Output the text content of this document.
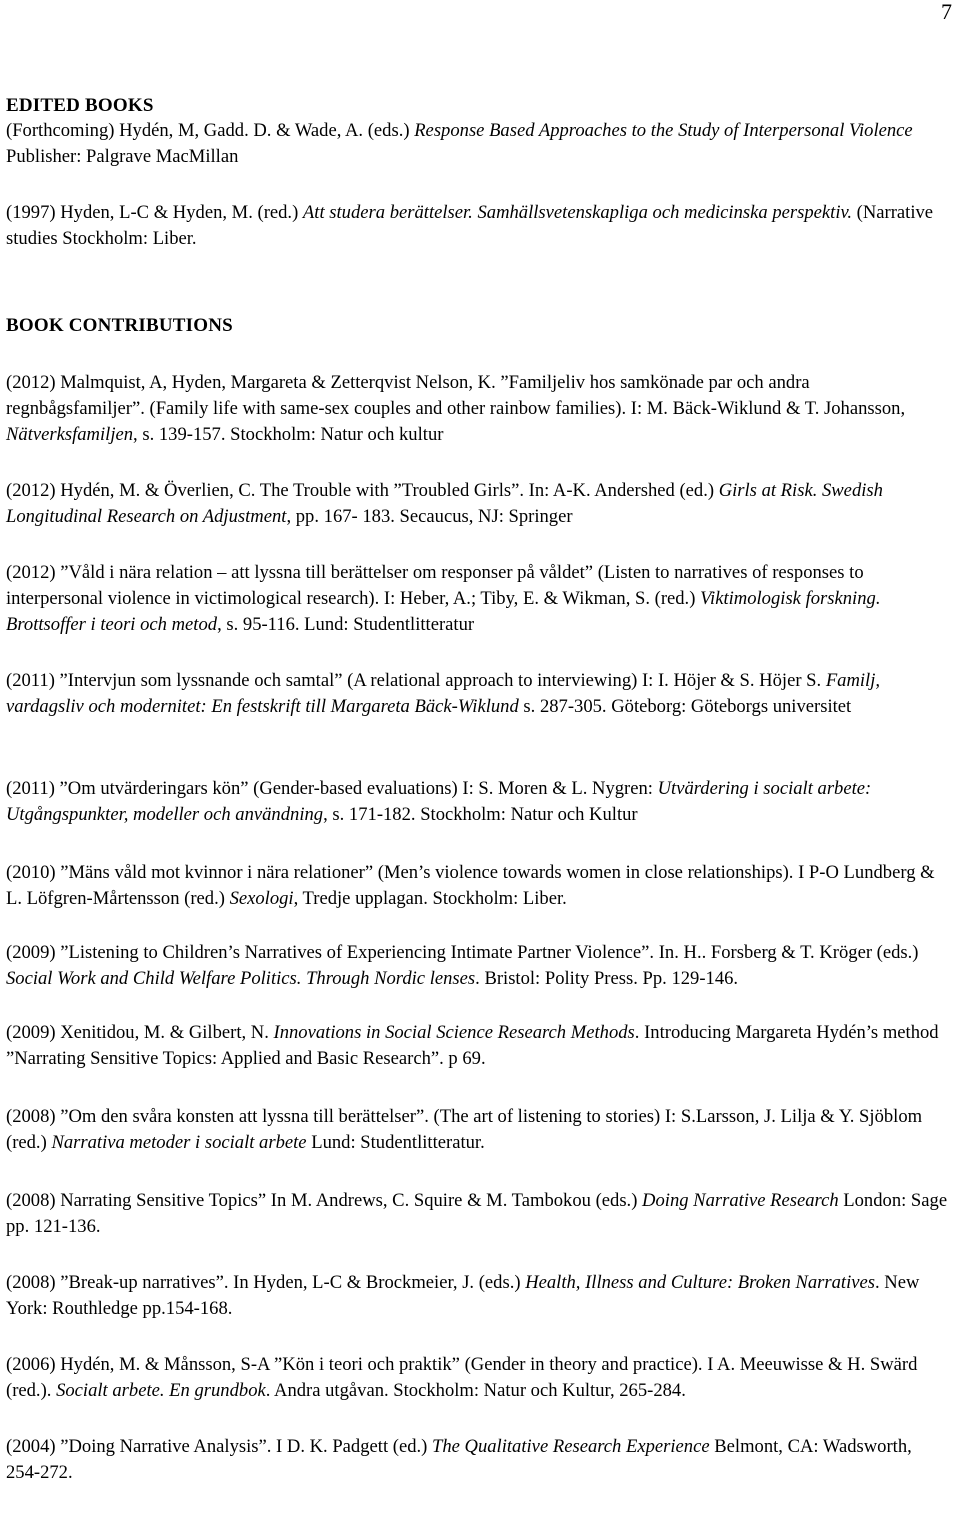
7

EDITED BOOKS

(Forthcoming) Hydén, M, Gadd. D. & Wade, A. (eds.) Response Based Approaches to the Study of Interpersonal Violence Publisher: Palgrave MacMillan

(1997) Hyden, L-C & Hyden, M. (red.) Att studera berättelser. Samhällsvetenskapliga och medicinska perspektiv. (Narrative studies Stockholm: Liber.

BOOK CONTRIBUTIONS

(2012) Malmquist, A, Hyden, Margareta & Zetterqvist Nelson, K. ”Familjeliv hos samkönade par och andra regnbågsfamiljer”. (Family life with same-sex couples and other rainbow families). I: M. Bäck-Wiklund & T. Johansson, Nätverksfamiljen, s. 139-157. Stockholm: Natur och kultur

(2012) Hydén, M. & Överlien, C. The Trouble with ”Troubled Girls”. In: A-K. Andershed (ed.) Girls at Risk. Swedish Longitudinal Research on Adjustment, pp. 167- 183. Secaucus, NJ: Springer

(2012) ”Våld i nära relation – att lyssna till berättelser om responser på våldet” (Listen to narratives of responses to interpersonal violence in victimological research). I: Heber, A.; Tiby, E. & Wikman, S. (red.) Viktimologisk forskning. Brottsoffer i teori och metod, s. 95-116. Lund: Studentlitteratur

(2011) ”Intervjun som lyssnande och samtal” (A relational approach to interviewing) I: I. Höjer & S. Höjer S. Familj, vardagsliv och modernitet: En festskrift till Margareta Bäck-Wiklund s. 287-305. Göteborg: Göteborgs universitet

(2011) ”Om utvärderingars kön” (Gender-based evaluations) I: S. Moren & L. Nygren: Utvärdering i socialt arbete: Utgångspunkter, modeller och användning, s. 171-182. Stockholm: Natur och Kultur

(2010) ”Mäns våld mot kvinnor i nära relationer” (Men’s violence towards women in close relationships). I P-O Lundberg & L. Löfgren-Mårtensson (red.) Sexologi, Tredje upplagan. Stockholm: Liber.

(2009) ”Listening to Children’s Narratives of Experiencing Intimate Partner Violence”. In. H.. Forsberg & T. Kröger (eds.) Social Work and Child Welfare Politics. Through Nordic lenses. Bristol: Polity Press. Pp. 129-146.

(2009) Xenitidou, M. & Gilbert, N. Innovations in Social Science Research Methods. Introducing Margareta Hydén’s method ”Narrating Sensitive Topics: Applied and Basic Research”. p 69.

(2008) ”Om den svåra konsten att lyssna till berättelser”. (The art of listening to stories) I: S.Larsson, J. Lilja & Y. Sjöblom (red.) Narrativa metoder i socialt arbete Lund: Studentlitteratur.

(2008) Narrating Sensitive Topics” In M. Andrews, C. Squire & M. Tambokou (eds.) Doing Narrative Research London: Sage pp. 121-136.

(2008) ”Break-up narratives”. In Hyden, L-C & Brockmeier, J. (eds.) Health, Illness and Culture: Broken Narratives. New York: Routhledge pp.154-168.

(2006) Hydén, M. & Månsson, S-A ”Kön i teori och praktik” (Gender in theory and practice). I A. Meeuwisse & H. Swärd (red.). Socialt arbete. En grundbok. Andra utgåvan. Stockholm: Natur och Kultur, 265-284.

(2004) ”Doing Narrative Analysis”. I D. K. Padgett (ed.) The Qualitative Research Experience Belmont, CA: Wadsworth, 254-272.
